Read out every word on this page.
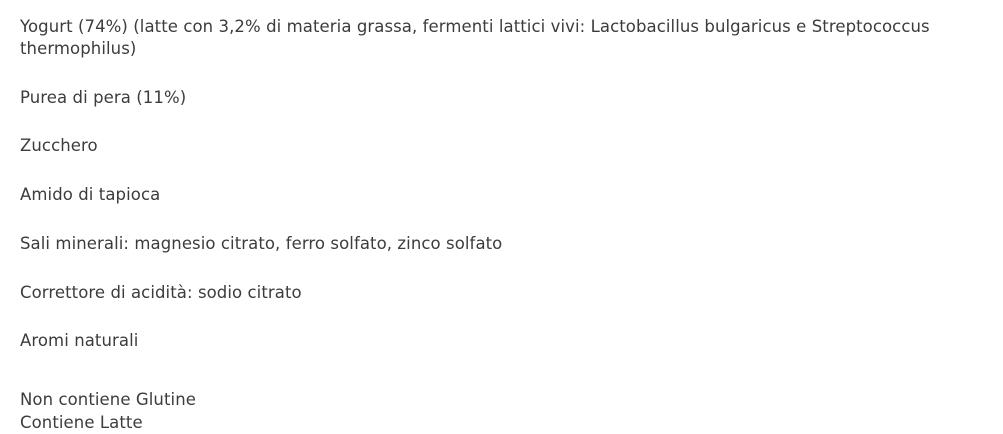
Yogurt (74%) (latte con 3,2% di materia grassa, fermenti lattici vivi: Lactobacillus bulgaricus e Streptococcus thermophilus)

Purea di pera (11%)

Zucchero

Amido di tapioca

Sali minerali: magnesio citrato, ferro solfato, zinco solfato

Correttore di acidità: sodio citrato

Aromi naturali

Non contiene Glutine

Contiene Latte
